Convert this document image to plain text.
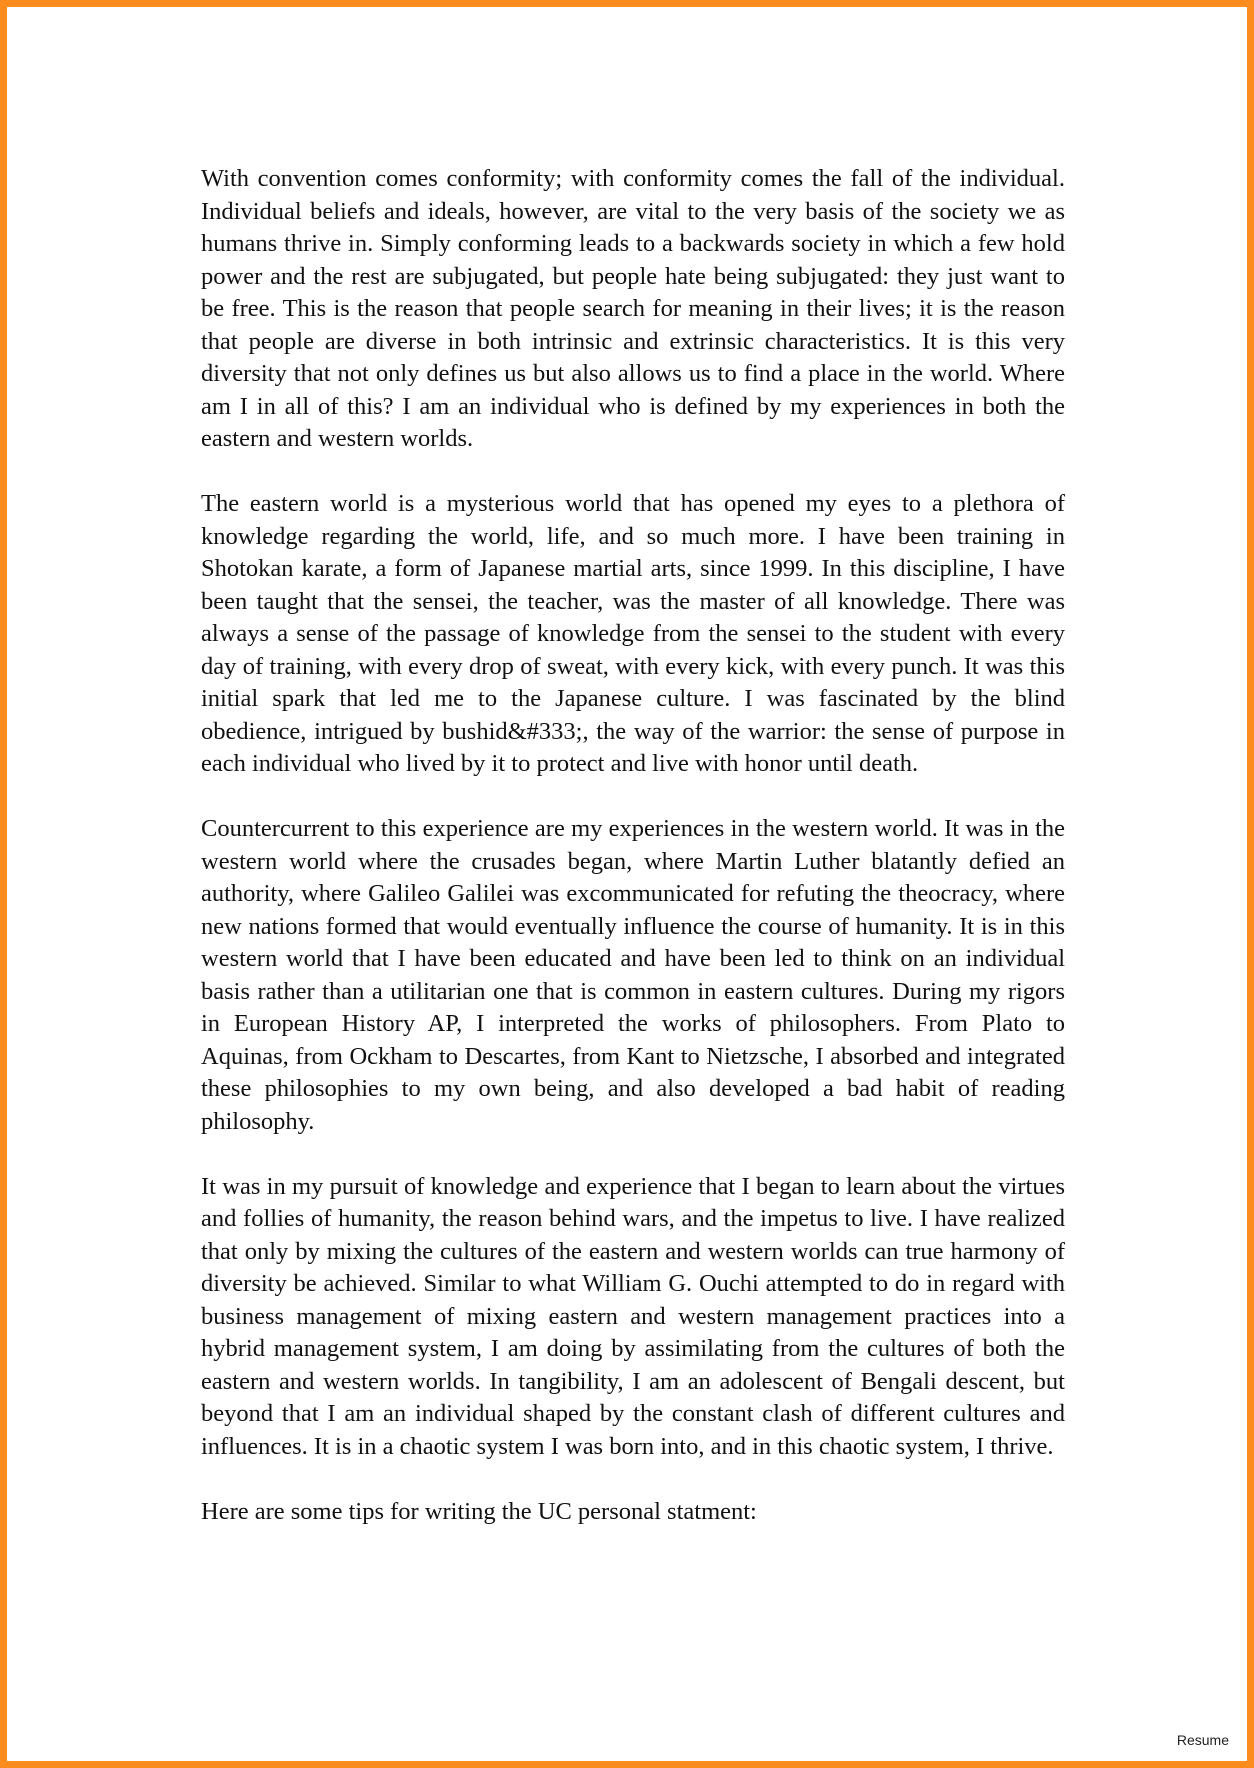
With convention comes conformity; with conformity comes the fall of the individual. Individual beliefs and ideals, however, are vital to the very basis of the society we as humans thrive in. Simply conforming leads to a backwards society in which a few hold power and the rest are subjugated, but people hate being subjugated: they just want to be free. This is the reason that people search for meaning in their lives; it is the reason that people are diverse in both intrinsic and extrinsic characteristics. It is this very diversity that not only defines us but also allows us to find a place in the world. Where am I in all of this? I am an individual who is defined by my experiences in both the eastern and western worlds.

The eastern world is a mysterious world that has opened my eyes to a plethora of knowledge regarding the world, life, and so much more. I have been training in Shotokan karate, a form of Japanese martial arts, since 1999. In this discipline, I have been taught that the sensei, the teacher, was the master of all knowledge. There was always a sense of the passage of knowledge from the sensei to the student with every day of training, with every drop of sweat, with every kick, with every punch. It was this initial spark that led me to the Japanese culture. I was fascinated by the blind obedience, intrigued by bushid&#333;, the way of the warrior: the sense of purpose in each individual who lived by it to protect and live with honor until death.

Countercurrent to this experience are my experiences in the western world. It was in the western world where the crusades began, where Martin Luther blatantly defied an authority, where Galileo Galilei was excommunicated for refuting the theocracy, where new nations formed that would eventually influence the course of humanity. It is in this western world that I have been educated and have been led to think on an individual basis rather than a utilitarian one that is common in eastern cultures. During my rigors in European History AP, I interpreted the works of philosophers. From Plato to Aquinas, from Ockham to Descartes, from Kant to Nietzsche, I absorbed and integrated these philosophies to my own being, and also developed a bad habit of reading philosophy.

It was in my pursuit of knowledge and experience that I began to learn about the virtues and follies of humanity, the reason behind wars, and the impetus to live. I have realized that only by mixing the cultures of the eastern and western worlds can true harmony of diversity be achieved. Similar to what William G. Ouchi attempted to do in regard with business management of mixing eastern and western management practices into a hybrid management system, I am doing by assimilating from the cultures of both the eastern and western worlds. In tangibility, I am an adolescent of Bengali descent, but beyond that I am an individual shaped by the constant clash of different cultures and influences. It is in a chaotic system I was born into, and in this chaotic system, I thrive.

Here are some tips for writing the UC personal statment:

Resume
